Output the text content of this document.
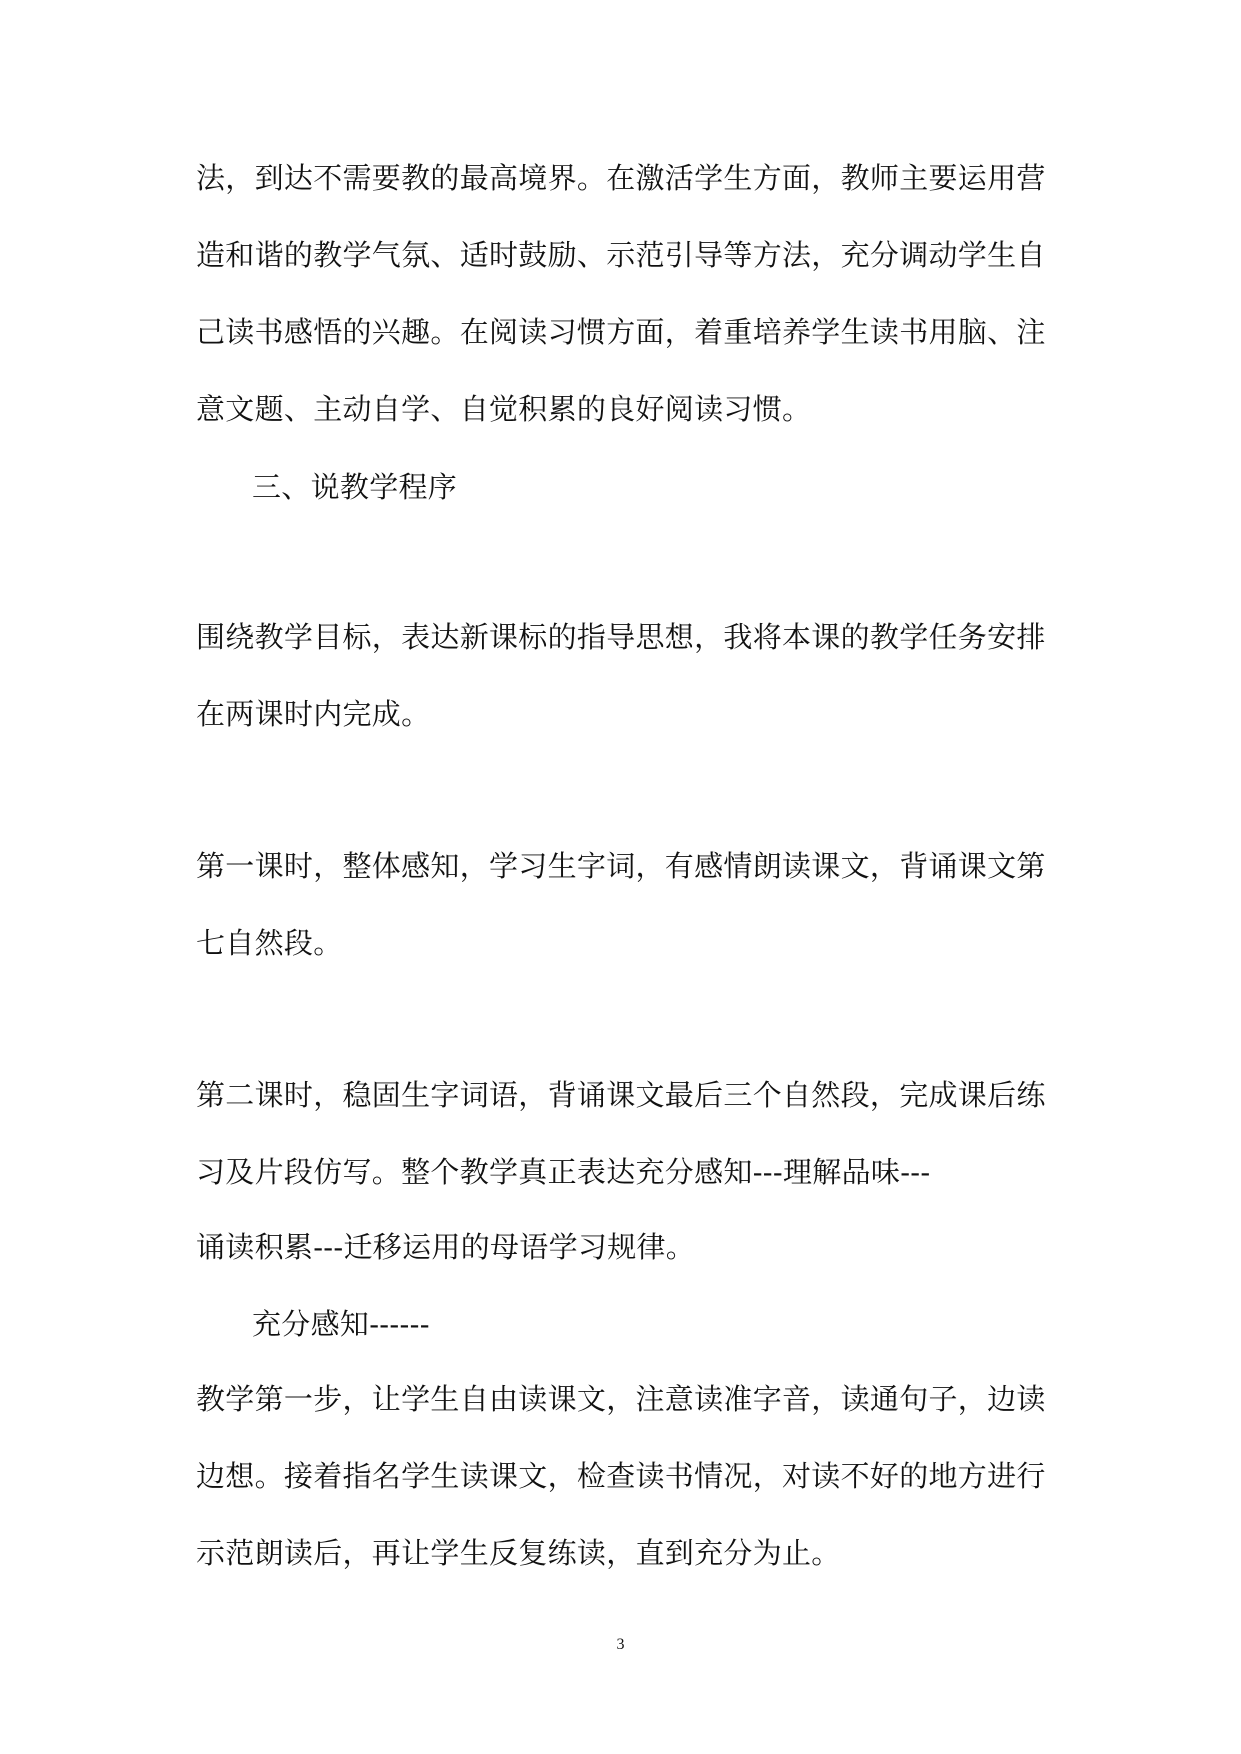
法，到达不需要教的最高境界。在激活学生方面，教师主要运用营
造和谐的教学气氛、适时鼓励、示范引导等方法，充分调动学生自
己读书感悟的兴趣。在阅读习惯方面，着重培养学生读书用脑、注
意文题、主动自学、自觉积累的良好阅读习惯。
三、说教学程序
围绕教学目标，表达新课标的指导思想，我将本课的教学任务安排
在两课时内完成。
第一课时，整体感知，学习生字词，有感情朗读课文，背诵课文第
七自然段。
第二课时，稳固生字词语，背诵课文最后三个自然段，完成课后练
习及片段仿写。整个教学真正表达充分感知---理解品味---
诵读积累---迁移运用的母语学习规律。
充分感知------
教学第一步，让学生自由读课文，注意读准字音，读通句子，边读
边想。接着指名学生读课文，检查读书情况，对读不好的地方进行
示范朗读后，再让学生反复练读，直到充分为止。
3
